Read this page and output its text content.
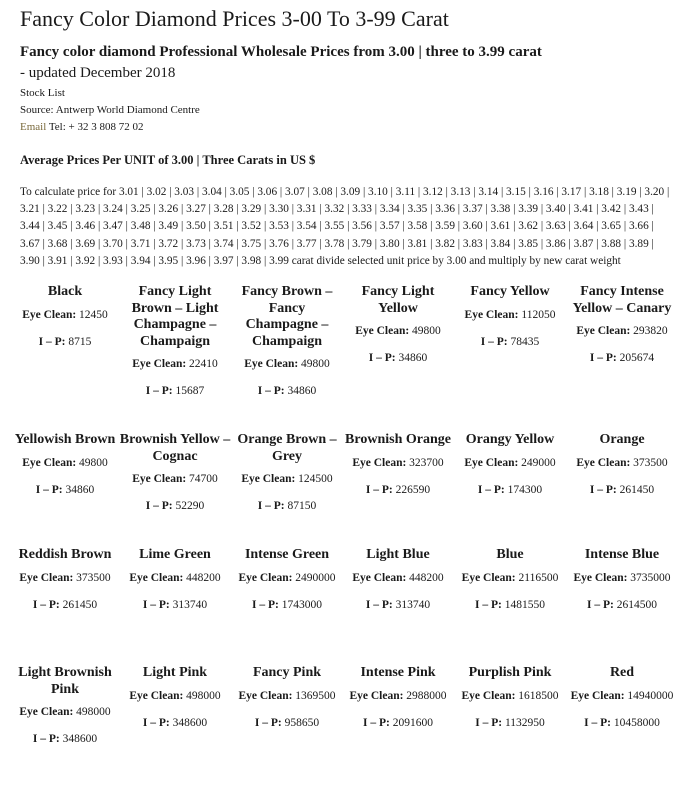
Fancy Color Diamond Prices 3-00 To 3-99 Carat
Fancy color diamond Professional Wholesale Prices from 3.00 | three to 3.99 carat

- updated December 2018

Stock List
Source: Antwerp World Diamond Centre
Email Tel: + 32 3 808 72 02
Average Prices Per UNIT of 3.00 | Three Carats in US $

To calculate price for 3.01 | 3.02 | 3.03 | 3.04 | 3.05 | 3.06 | 3.07 | 3.08 | 3.09 | 3.10 | 3.11 | 3.12 | 3.13 | 3.14 | 3.15 | 3.16 | 3.17 | 3.18 | 3.19 | 3.20 | 3.21 | 3.22 | 3.23 | 3.24 | 3.25 | 3.26 | 3.27 | 3.28 | 3.29 | 3.30 | 3.31 | 3.32 | 3.33 | 3.34 | 3.35 | 3.36 | 3.37 | 3.38 | 3.39 | 3.40 | 3.41 | 3.42 | 3.43 | 3.44 | 3.45 | 3.46 | 3.47 | 3.48 | 3.49 | 3.50 | 3.51 | 3.52 | 3.53 | 3.54 | 3.55 | 3.56 | 3.57 | 3.58 | 3.59 | 3.60 | 3.61 | 3.62 | 3.63 | 3.64 | 3.65 | 3.66 | 3.67 | 3.68 | 3.69 | 3.70 | 3.71 | 3.72 | 3.73 | 3.74 | 3.75 | 3.76 | 3.77 | 3.78 | 3.79 | 3.80 | 3.81 | 3.82 | 3.83 | 3.84 | 3.85 | 3.86 | 3.87 | 3.88 | 3.89 | 3.90 | 3.91 | 3.92 | 3.93 | 3.94 | 3.95 | 3.96 | 3.97 | 3.98 | 3.99 carat divide selected unit price by 3.00 and multiply by new carat weight

Black

Eye Clean: 12450

I – P: 8715

Fancy Light Brown – Light Champagne – Champaign

Eye Clean: 22410

I – P: 15687

Fancy Brown – Fancy Champagne – Champaign

Eye Clean: 49800

I – P: 34860

Fancy Light Yellow

Eye Clean: 49800

I – P: 34860

Fancy Yellow

Eye Clean: 112050

I – P: 78435

Fancy Intense Yellow – Canary

Eye Clean: 293820

I – P: 205674

Yellowish Brown

Eye Clean: 49800

I – P: 34860

Brownish Yellow – Cognac

Eye Clean: 74700

I – P: 52290

Orange Brown – Grey

Eye Clean: 124500

I – P: 87150

Brownish Orange

Eye Clean: 323700

I – P: 226590

Orangy Yellow

Eye Clean: 249000

I – P: 174300

Orange

Eye Clean: 373500

I – P: 261450

Reddish Brown

Eye Clean: 373500

I – P: 261450

Lime Green

Eye Clean: 448200

I – P: 313740

Intense Green

Eye Clean: 2490000

I – P: 1743000

Light Blue

Eye Clean: 448200

I – P: 313740

Blue

Eye Clean: 2116500

I – P: 1481550

Intense Blue

Eye Clean: 3735000

I – P: 2614500

Light Brownish Pink

Eye Clean: 498000

I – P: 348600

Light Pink

Eye Clean: 498000

I – P: 348600

Fancy Pink

Eye Clean: 1369500

I – P: 958650

Intense Pink

Eye Clean: 2988000

I – P: 2091600

Purplish Pink

Eye Clean: 1618500

I – P: 1132950

Red

Eye Clean: 14940000

I – P: 10458000
